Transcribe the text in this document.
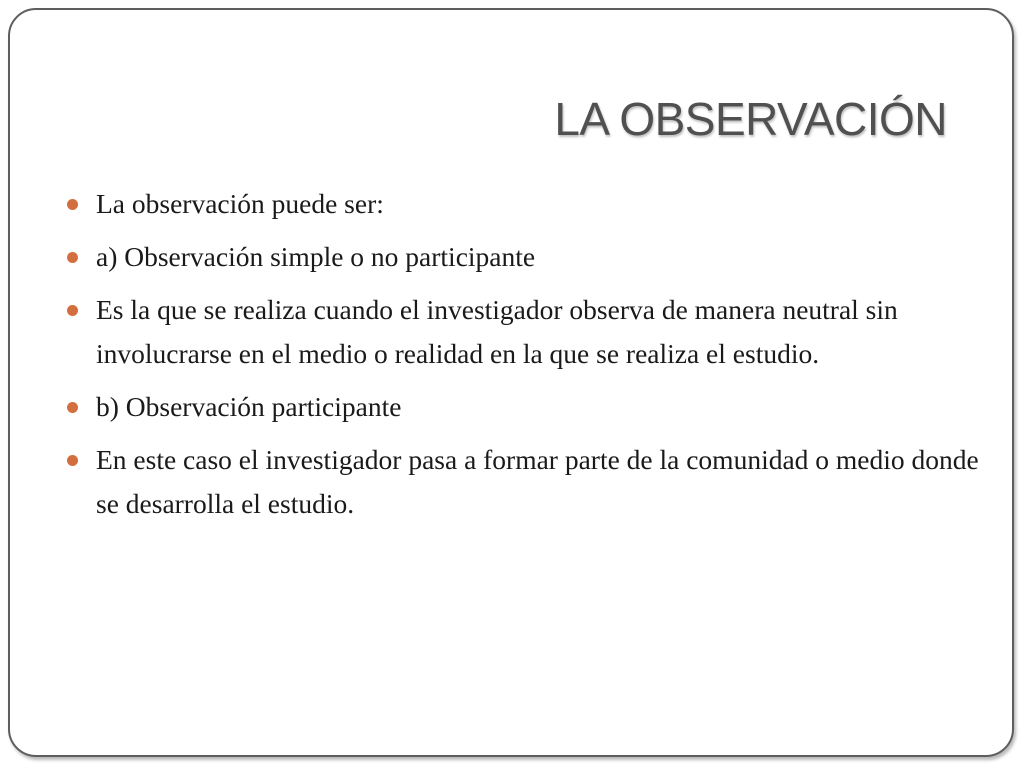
LA OBSERVACIÓN
La observación puede ser:
a) Observación simple o no participante
Es la que se realiza cuando el investigador observa de manera neutral sin involucrarse en el medio o realidad en la que se realiza el estudio.
b) Observación participante
En este caso el investigador pasa a formar parte de la comunidad o medio donde se desarrolla el estudio.
